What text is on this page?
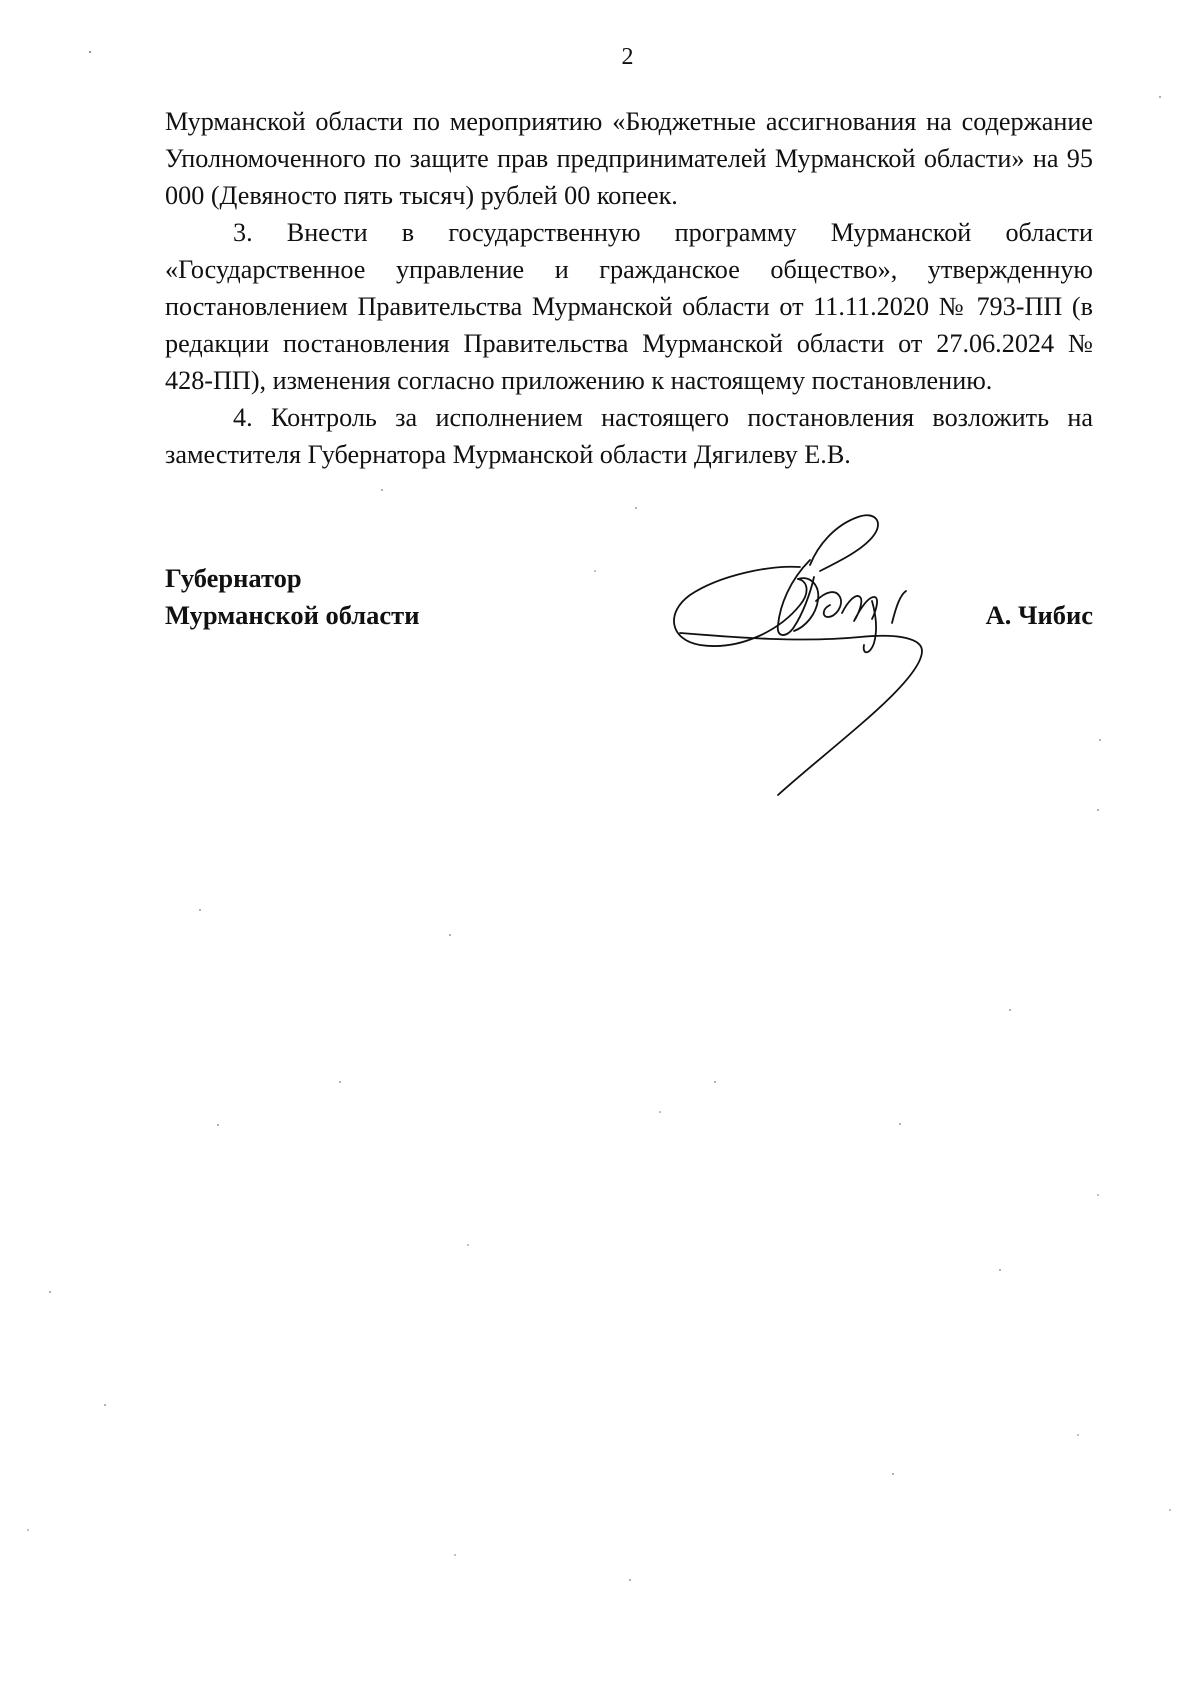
2

Мурманской области по мероприятию «Бюджетные ассигнования на содержание Уполномоченного по защите прав предпринимателей Мурманской области» на 95 000 (Девяносто пять тысяч) рублей 00 копеек.

3. Внести в государственную программу Мурманской области «Государственное управление и гражданское общество», утвержденную постановлением Правительства Мурманской области от 11.11.2020 № 793-ПП (в редакции постановления Правительства Мурманской области от 27.06.2024 № 428-ПП), изменения согласно приложению к настоящему постановлению.

4. Контроль за исполнением настоящего постановления возложить на заместителя Губернатора Мурманской области Дягилеву Е.В.

Губернатор
Мурманской области	А. Чибис
